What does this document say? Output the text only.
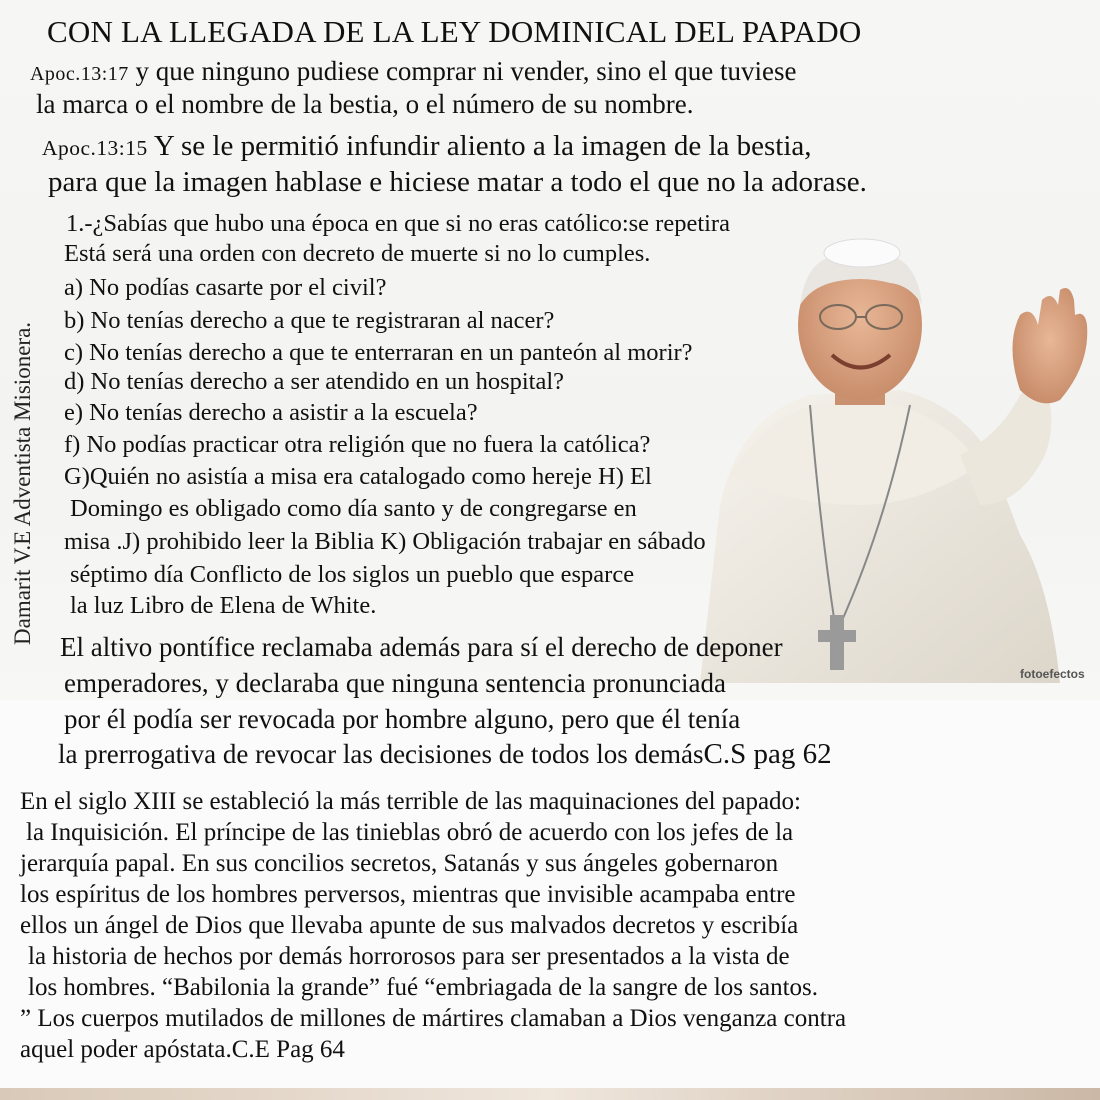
fotoefectos
CON LA LLEGADA DE LA LEY DOMINICAL DEL PAPADO
Apoc.13:17 y que ninguno pudiese comprar ni vender, sino el que tuviese
la marca o el nombre de la bestia, o el número de su nombre.
Apoc.13:15 Y se le permitió infundir aliento a la imagen de la bestia,
para que la imagen hablase e hiciese matar a todo el que no la adorase.
Damarit V.E Adventista Misionera.
1.-¿Sabías que hubo una época en que si no eras católico:se repetira
Está será una orden con decreto de muerte si no lo cumples.
a) No podías casarte por el civil?
b) No tenías derecho a que te registraran al nacer?
c) No tenías derecho a que te enterraran en un panteón al morir?
d) No tenías derecho a ser atendido en un hospital?
e) No tenías derecho a asistir a la escuela?
f) No podías practicar otra religión que no fuera la católica?
G)Quién no asistía a misa era catalogado como hereje H) El
Domingo es obligado como día santo y de congregarse en
misa .J) prohibido leer la Biblia K) Obligación trabajar en sábado
séptimo día Conflicto de los siglos un pueblo que esparce
la luz Libro de Elena de White.
El altivo pontífice reclamaba además para sí el derecho de deponer
emperadores, y declaraba que ninguna sentencia pronunciada
por él podía ser revocada por hombre alguno, pero que él tenía
la prerrogativa de revocar las decisiones de todos los demásC.S pag 62
En el siglo XIII se estableció la más terrible de las maquinaciones del papado:
la Inquisición. El príncipe de las tinieblas obró de acuerdo con los jefes de la
jerarquía papal. En sus concilios secretos, Satanás y sus ángeles gobernaron
los espíritus de los hombres perversos, mientras que invisible acampaba entre
ellos un ángel de Dios que llevaba apunte de sus malvados decretos y escribía
la historia de hechos por demás horrorosos para ser presentados a la vista de
los hombres. “Babilonia la grande” fué “embriagada de la sangre de los santos.
” Los cuerpos mutilados de millones de mártires clamaban a Dios venganza contra
aquel poder apóstata.C.E Pag 64
